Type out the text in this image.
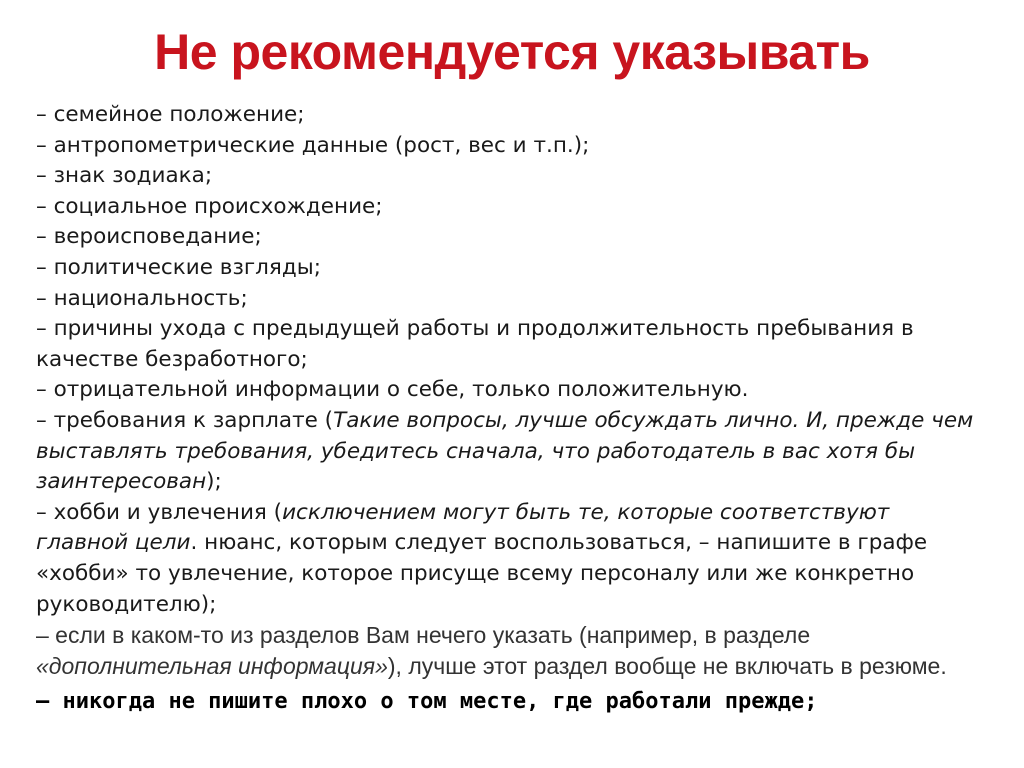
Не рекомендуется указывать

– семейное положение;

– антропометрические данные (рост, вес и т.п.);

– знак зодиака;

– социальное происхождение;

– вероисповедание;

– политические взгляды;

– национальность;

– причины ухода с предыдущей работы и продолжительность пребывания в качестве безработного;

– отрицательной информации о себе, только положительную.

– требования к зарплате (Такие вопросы, лучше обсуждать лично. И, прежде чем выставлять требования, убедитесь сначала, что работодатель в вас хотя бы заинтересован);

– хобби и увлечения (исключением могут быть те, которые соответствуют главной цели. нюанс, которым следует воспользоваться, – напишите в графе «хобби» то увлечение, которое присуще всему персоналу или же конкретно руководителю);

– если в каком-то из разделов Вам нечего указать (например, в разделе «дополнительная информация»), лучше этот раздел вообще не включать в резюме.

– никогда не пишите плохо о том месте, где работали прежде;
